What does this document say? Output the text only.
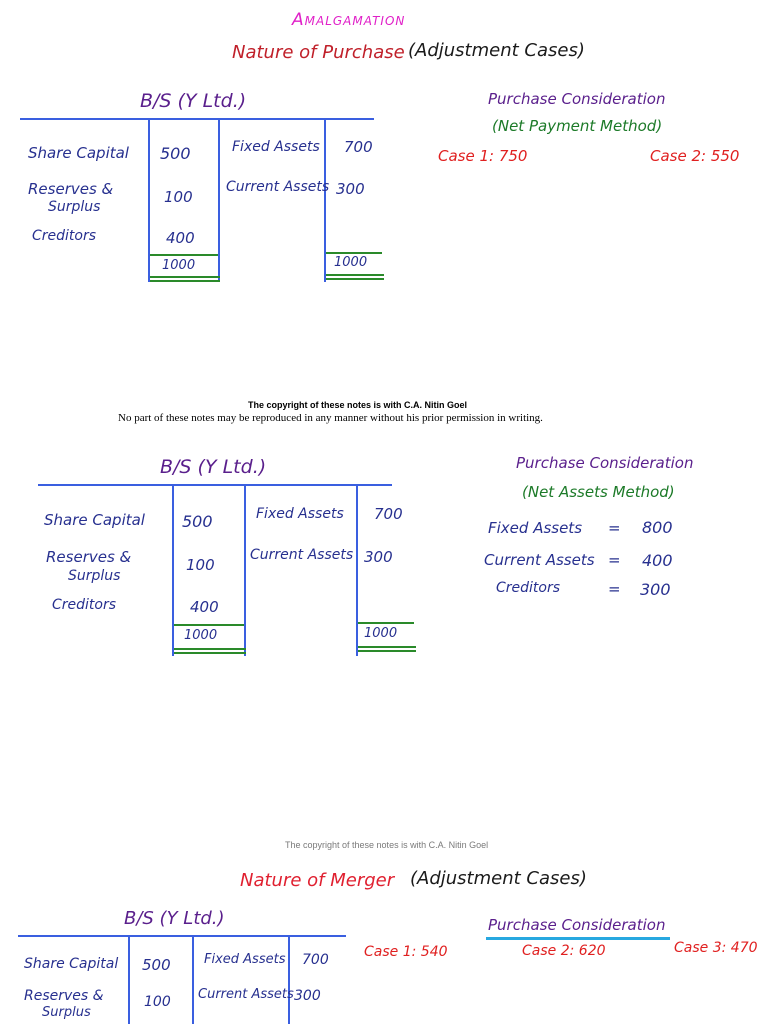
Amalgamation
Nature of Purchase (Adjustment Cases)
B/S (Y Ltd.)
Share Capital 500
Reserves &
Surplus
100
Creditors	400
1000
Fixed Assets 700
Current Assets 300
1000
Purchase Consideration
(Net Payment Method)
Case 1: 750	Case 2: 550
The copyright of these notes is with C.A. Nitin Goel
No part of these notes may be reproduced in any manner without his prior permission in writing.
B/S (Y Ltd.)
Share Capital 500
Reserves &
Surplus
100
Creditors	400
1000
Fixed Assets 700
Current Assets 300
1000
Purchase Consideration
(Net Assets Method)
Fixed Assets = 800
Current Assets = 400
Creditors	= 300
The copyright of these notes is with C.A. Nitin Goel
Nature of Merger (Adjustment Cases)
B/S (Y Ltd.)
Share Capital 500
Reserves &
Surplus
100
Fixed Assets 700
Current Assets 300
Purchase Consideration
Case 1: 540	Case 2: 620	Case 3: 470
